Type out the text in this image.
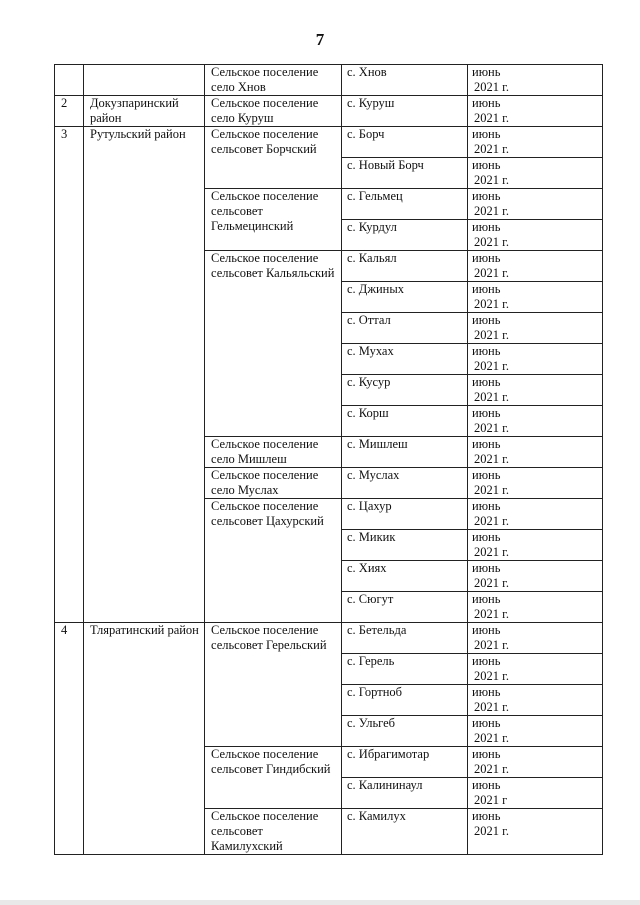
7
		Сельское поселение село Хнов	с. Хнов	июнь
2021 г.

2	Докузпаринский район	Сельское поселение село Куруш	с. Куруш	июнь
2021 г.

3	Рутульский район	Сельское поселение сельсовет Борчский	с. Борч	июнь
2021 г.

			с. Новый Борч	июнь
2021 г.

		Сельское поселение сельсовет Гельмецинский	с. Гельмец	июнь
2021 г.

			с. Курдул	июнь
2021 г.

		Сельское поселение сельсовет Кальяльский	с. Кальял	июнь
2021 г.

			с. Джиных	июнь
2021 г.

			с. Оттал	июнь
2021 г.

			с. Мухах	июнь
2021 г.

			с. Кусур	июнь
2021 г.

			с. Корш	июнь
2021 г.

		Сельское поселение село Мишлеш	с. Мишлеш	июнь
2021 г.

		Сельское поселение село Муслах	с. Муслах	июнь
2021 г.

		Сельское поселение сельсовет Цахурский	с. Цахур	июнь
2021 г.

			с. Микик	июнь
2021 г.

			с. Хиях	июнь
2021 г.

			с. Сюгут	июнь
2021 г.

4	Тляратинский район	Сельское поселение сельсовет Герельский	с. Бетельда	июнь
2021 г.

			с. Герель	июнь
2021 г.

			с. Гортноб	июнь
2021 г.

			с. Ульгеб	июнь
2021 г.

		Сельское поселение сельсовет Гиндибский	с. Ибрагимотар	июнь
2021 г.

			с. Калининаул	июнь
2021 г

		Сельское поселение сельсовет Камилухский	с. Камилух	июнь
2021 г.
